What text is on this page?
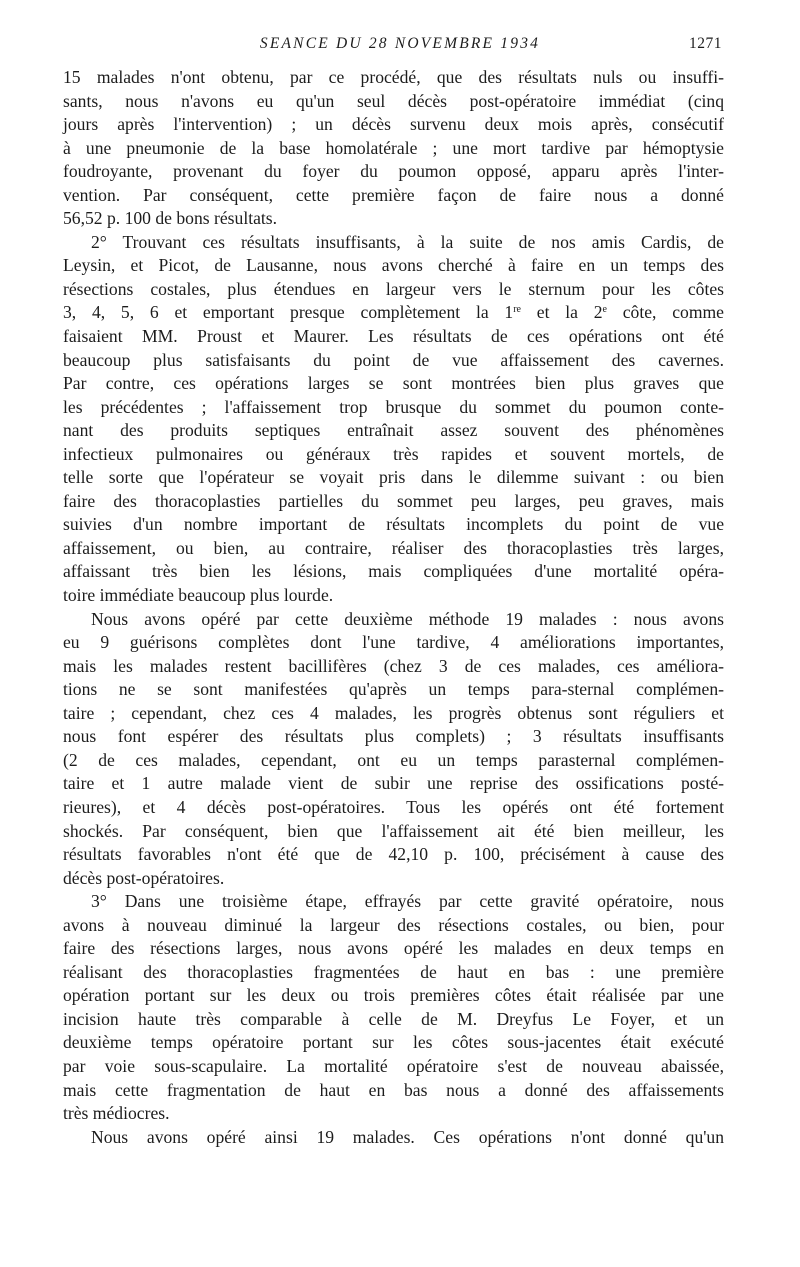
SEANCE DU 28 NOVEMBRE 1934	1271
15 malades n'ont obtenu, par ce procédé, que des résultats nuls ou insuffi-
sants, nous n'avons eu qu'un seul décès post-opératoire immédiat (cinq
jours après l'intervention) ; un décès survenu deux mois après, consécutif
à une pneumonie de la base homolatérale ; une mort tardive par hémoptysie
foudroyante, provenant du foyer du poumon opposé, apparu après l'inter-
vention. Par conséquent, cette première façon de faire nous a donné
56,52 p. 100 de bons résultats.
2° Trouvant ces résultats insuffisants, à la suite de nos amis Cardis, de
Leysin, et Picot, de Lausanne, nous avons cherché à faire en un temps des
résections costales, plus étendues en largeur vers le sternum pour les côtes
3, 4, 5, 6 et emportant presque complètement la 1re et la 2e côte, comme
faisaient MM. Proust et Maurer. Les résultats de ces opérations ont été
beaucoup plus satisfaisants du point de vue affaissement des cavernes.
Par contre, ces opérations larges se sont montrées bien plus graves que
les précédentes ; l'affaissement trop brusque du sommet du poumon conte-
nant des produits septiques entraînait assez souvent des phénomènes
infectieux pulmonaires ou généraux très rapides et souvent mortels, de
telle sorte que l'opérateur se voyait pris dans le dilemme suivant : ou bien
faire des thoracoplasties partielles du sommet peu larges, peu graves, mais
suivies d'un nombre important de résultats incomplets du point de vue
affaissement, ou bien, au contraire, réaliser des thoracoplasties très larges,
affaissant très bien les lésions, mais compliquées d'une mortalité opéra-
toire immédiate beaucoup plus lourde.
Nous avons opéré par cette deuxième méthode 19 malades : nous avons
eu 9 guérisons complètes dont l'une tardive, 4 améliorations importantes,
mais les malades restent bacillifères (chez 3 de ces malades, ces améliora-
tions ne se sont manifestées qu'après un temps para-sternal complémen-
taire ; cependant, chez ces 4 malades, les progrès obtenus sont réguliers et
nous font espérer des résultats plus complets) ; 3 résultats insuffisants
(2 de ces malades, cependant, ont eu un temps parasternal complémen-
taire et 1 autre malade vient de subir une reprise des ossifications posté-
rieures), et 4 décès post-opératoires. Tous les opérés ont été fortement
shockés. Par conséquent, bien que l'affaissement ait été bien meilleur, les
résultats favorables n'ont été que de 42,10 p. 100, précisément à cause des
décès post-opératoires.
3° Dans une troisième étape, effrayés par cette gravité opératoire, nous
avons à nouveau diminué la largeur des résections costales, ou bien, pour
faire des résections larges, nous avons opéré les malades en deux temps en
réalisant des thoracoplasties fragmentées de haut en bas : une première
opération portant sur les deux ou trois premières côtes était réalisée par une
incision haute très comparable à celle de M. Dreyfus Le Foyer, et un
deuxième temps opératoire portant sur les côtes sous-jacentes était exécuté
par voie sous-scapulaire. La mortalité opératoire s'est de nouveau abaissée,
mais cette fragmentation de haut en bas nous a donné des affaissements
très médiocres.
Nous avons opéré ainsi 19 malades. Ces opérations n'ont donné qu'un
